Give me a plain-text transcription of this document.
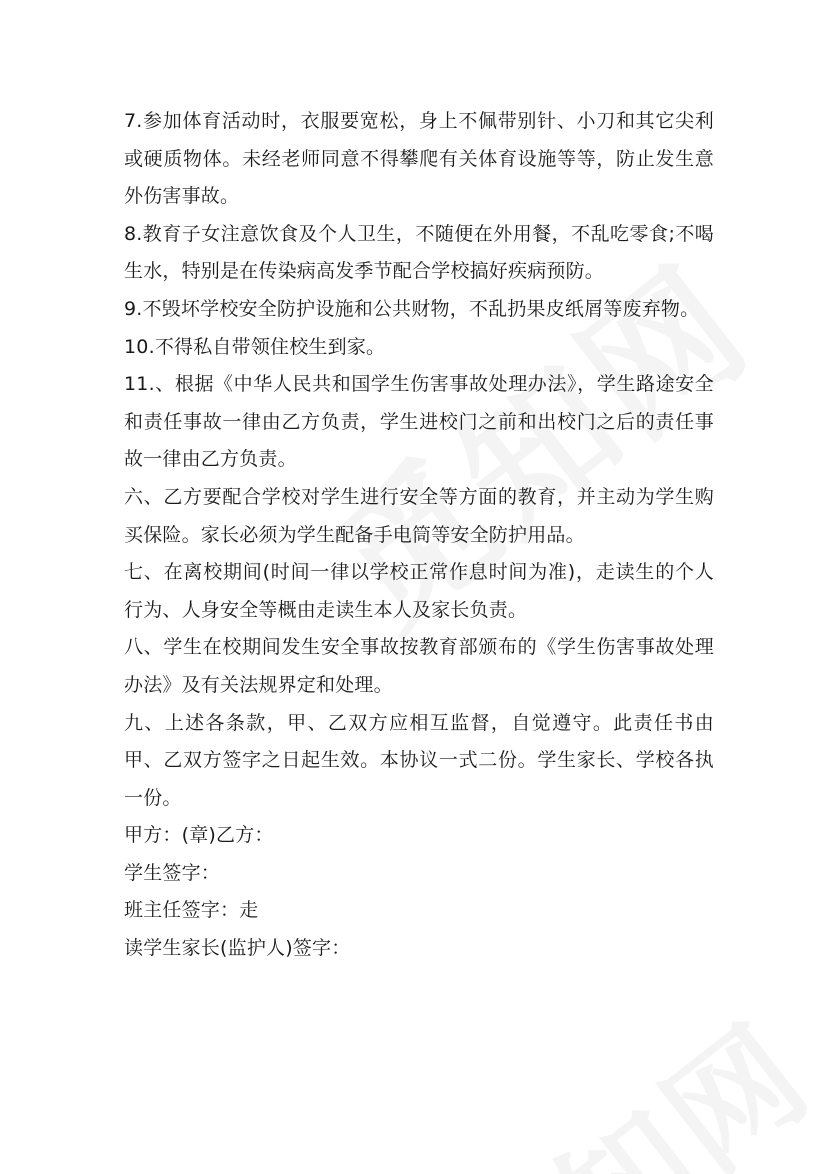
7.参加体育活动时，衣服要宽松，身上不佩带别针、小刀和其它尖利或硬质物体。未经老师同意不得攀爬有关体育设施等等，防止发生意外伤害事故。

8.教育子女注意饮食及个人卫生，不随便在外用餐，不乱吃零食;不喝生水，特别是在传染病高发季节配合学校搞好疾病预防。

9.不毁坏学校安全防护设施和公共财物，不乱扔果皮纸屑等废弃物。

10.不得私自带领住校生到家。

11.、根据《中华人民共和国学生伤害事故处理办法》，学生路途安全和责任事故一律由乙方负责，学生进校门之前和出校门之后的责任事故一律由乙方负责。

六、乙方要配合学校对学生进行安全等方面的教育，并主动为学生购买保险。家长必须为学生配备手电筒等安全防护用品。

七、在离校期间(时间一律以学校正常作息时间为准)，走读生的个人行为、人身安全等概由走读生本人及家长负责。

八、学生在校期间发生安全事故按教育部颁布的《学生伤害事故处理办法》及有关法规界定和处理。

九、上述各条款，甲、乙双方应相互监督，自觉遵守。此责任书由甲、乙双方签字之日起生效。本协议一式二份。学生家长、学校各执一份。

甲方：(章)乙方：

学生签字：

班主任签字：走

读学生家长(监护人)签字：
